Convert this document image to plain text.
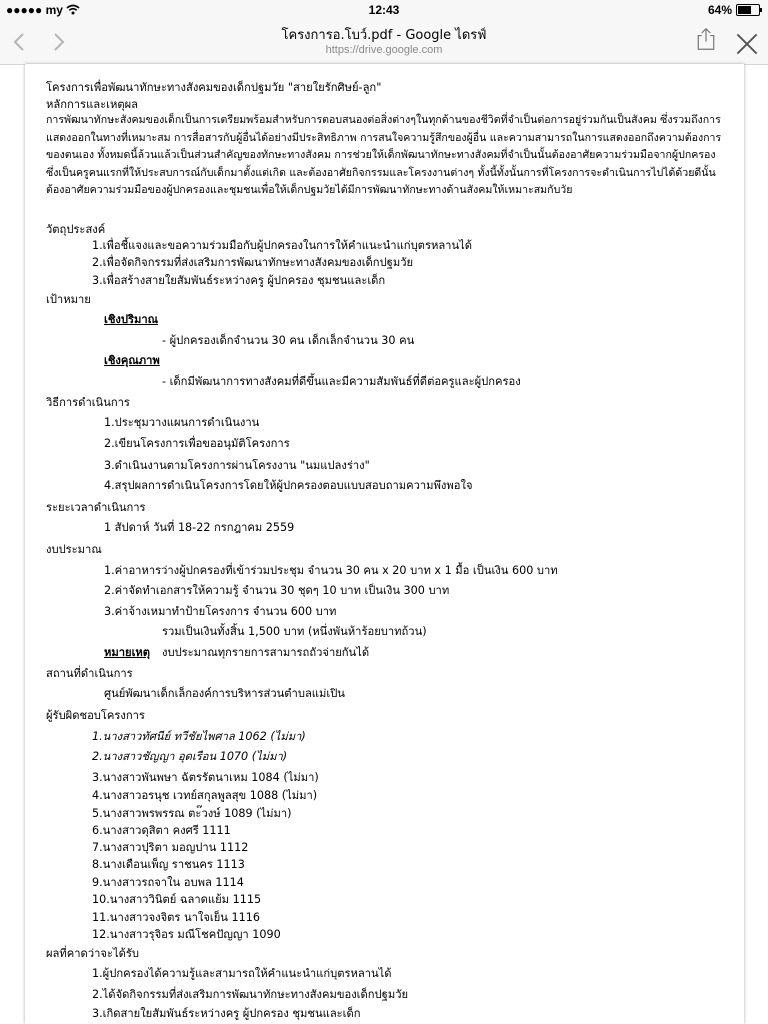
●●●●● my	12:43	64%
โครงการอ.โบว์.pdf - Google ไดรฟ์
https://drive.google.com
โครงการเพื่อพัฒนาทักษะทางสังคมของเด็กปฐมวัย "สายใยรักศิษย์-ลูก"
หลักการและเหตุผล
การพัฒนาทักษะสังคมของเด็กเป็นการเตรียมพร้อมสำหรับการตอบสนองต่อสิ่งต่างๆในทุกด้านของชีวิตที่จำเป็นต่อการอยู่ร่วมกันเป็นสังคม ซึ่งรวมถึงการแสดงออกในทางที่เหมาะสม การสื่อสารกับผู้อื่นได้อย่างมีประสิทธิภาพ การสนใจความรู้สึกของผู้อื่น และความสามารถในการแสดงออกถึงความต้องการของตนเอง ทั้งหมดนี้ล้วนแล้วเป็นส่วนสำคัญของทักษะทางสังคม การช่วยให้เด็กพัฒนาทักษะทางสังคมที่จำเป็นนั้นต้องอาศัยความร่วมมือจากผู้ปกครอง ซึ่งเป็นครูคนแรกที่ให้ประสบการณ์กับเด็กมาตั้งแต่เกิด และต้องอาศัยกิจกรรมและโครงงานต่างๆ ทั้งนี้ทั้งนั้นการที่โครงการจะดำเนินการไปได้ด้วยดีนั้นต้องอาศัยความร่วมมือของผู้ปกครองและชุมชนเพื่อให้เด็กปฐมวัยได้มีการพัฒนาทักษะทางด้านสังคมให้เหมาะสมกับวัย
วัตถุประสงค์
1.เพื่อชี้แจงและขอความร่วมมือกับผู้ปกครองในการให้คำแนะนำแก่บุตรหลานได้
2.เพื่อจัดกิจกรรมที่ส่งเสริมการพัฒนาทักษะทางสังคมของเด็กปฐมวัย
3.เพื่อสร้างสายใยสัมพันธ์ระหว่างครู ผู้ปกครอง ชุมชนและเด็ก
เป้าหมาย
เชิงปริมาณ
- ผู้ปกครองเด็กจำนวน 30 คน เด็กเล็กจำนวน 30 คน
เชิงคุณภาพ
- เด็กมีพัฒนาการทางสังคมที่ดีขึ้นและมีความสัมพันธ์ที่ดีต่อครูและผู้ปกครอง
วิธีการดำเนินการ
1.ประชุมวางแผนการดำเนินงาน
2.เขียนโครงการเพื่อขออนุมัติโครงการ
3.ดำเนินงานตามโครงการผ่านโครงงาน "นมแปลงร่าง"
4.สรุปผลการดำเนินโครงการโดยให้ผู้ปกครองตอบแบบสอบถามความพึงพอใจ
ระยะเวลาดำเนินการ
1 สัปดาห์ วันที่ 18-22 กรกฎาคม 2559
งบประมาณ
1.ค่าอาหารว่างผู้ปกครองที่เข้าร่วมประชุม จำนวน 30 คน x 20 บาท x 1 มื้อ เป็นเงิน 600 บาท
2.ค่าจัดทำเอกสารให้ความรู้ จำนวน 30 ชุดๆ 10 บาท เป็นเงิน 300 บาท
3.ค่าจ้างเหมาทำป้ายโครงการ จำนวน 600 บาท
รวมเป็นเงินทั้งสิ้น 1,500 บาท (หนึ่งพันห้าร้อยบาทถ้วน)
หมายเหตุ งบประมาณทุกรายการสามารถถัวจ่ายกันได้
สถานที่ดำเนินการ
ศูนย์พัฒนาเด็กเล็กองค์การบริหารส่วนตำบลแม่เปิน
ผู้รับผิดชอบโครงการ
1.นางสาวทัศนีย์ ทวีชัยไพศาล 1062 (ไม่มา)
2.นางสาวชัญญา อุดเรือน 1070 (ไม่มา)
3.นางสาวพันพษา ฉัตรรัตนาเหม 1084 (ไม่มา)
4.นางสาวอรนุช เวทย์สกุลพูลสุข 1088 (ไม่มา)
5.นางสาวพรพรรณ ตะ๊วงษ์ 1089 (ไม่มา)
6.นางสาวดุสิตา คงศรี 1111
7.นางสาวปุริตา มอญปาน 1112
8.นางเดือนเพ็ญ ราชนคร 1113
9.นางสาวรถจาใน อบพล 1114
10.นางสาววินิตย์ ฉลาดแย้ม 1115
11.นางสาวจงจิตร นาใจเย็น 1116
12.นางสาวรุจิอร มณีโชคปัญญา 1090
ผลที่คาดว่าจะได้รับ
1.ผู้ปกครองได้ความรู้และสามารถให้คำแนะนำแก่บุตรหลานได้
2.ได้จัดกิจกรรมที่ส่งเสริมการพัฒนาทักษะทางสังคมของเด็กปฐมวัย
3.เกิดสายใยสัมพันธ์ระหว่างครู ผู้ปกครอง ชุมชนและเด็ก
